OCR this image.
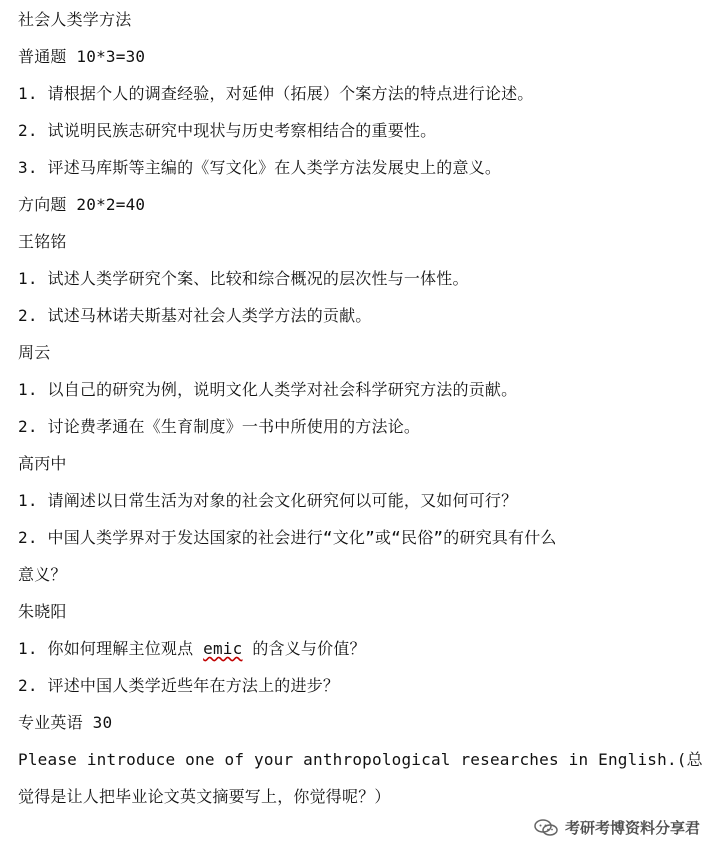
社会人类学方法
普通题 10*3=30
1. 请根据个人的调查经验，对延伸（拓展）个案方法的特点进行论述。
2. 试说明民族志研究中现状与历史考察相结合的重要性。
3. 评述马库斯等主编的《写文化》在人类学方法发展史上的意义。
方向题 20*2=40
王铭铭
1. 试述人类学研究个案、比较和综合概况的层次性与一体性。
2. 试述马林诺夫斯基对社会人类学方法的贡献。
周云
1. 以自己的研究为例，说明文化人类学对社会科学研究方法的贡献。
2. 讨论费孝通在《生育制度》一书中所使用的方法论。
高丙中
1. 请阐述以日常生活为对象的社会文化研究何以可能，又如何可行？
2. 中国人类学界对于发达国家的社会进行“文化”或“民俗”的研究具有什么
意义？
朱晓阳
1. 你如何理解主位观点 emic 的含义与价值？
2. 评述中国人类学近些年在方法上的进步？
专业英语 30
Please introduce one of your anthropological researches in English.(总
觉得是让人把毕业论文英文摘要写上，你觉得呢？）
考研考博资料分享君
